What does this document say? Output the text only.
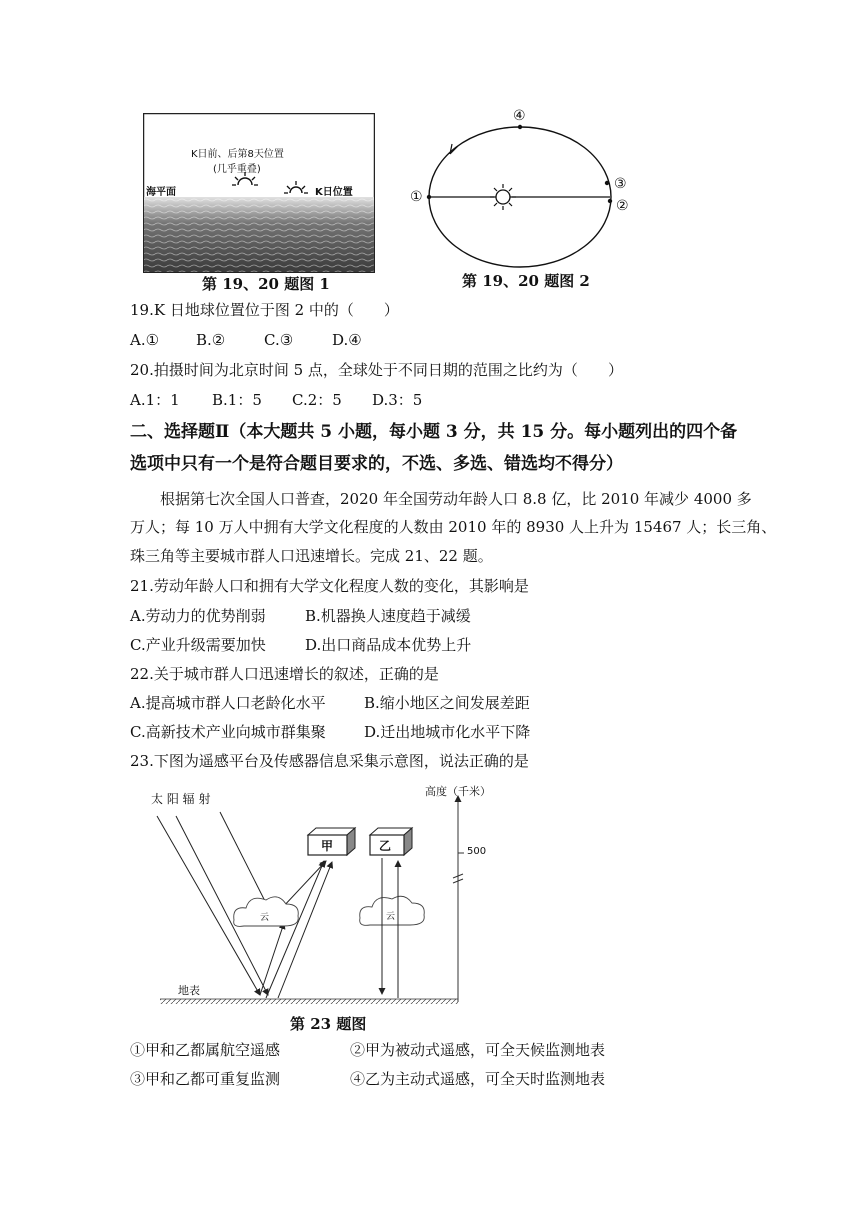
K日前、后第8天位置
(几乎重叠)
海平面	K日位置
第 19、20 题图 1
①
④
③
②
第 19、20 题图 2
19.K 日地球位置位于图 2 中的（　　）
A.① B.②	C.③	D.④
20.拍摄时间为北京时间 5 点，全球处于不同日期的范围之比约为（　　）
A.1：1 B.1：5 C.2：5 D.3：5
二、选择题Ⅱ（本大题共 5 小题，每小题 3 分，共 15 分。每小题列出的四个备
选项中只有一个是符合题目要求的，不选、多选、错选均不得分）
　　根据第七次全国人口普查，2020 年全国劳动年龄人口 8.8 亿，比 2010 年减少 4000 多
万人；每 10 万人中拥有大学文化程度的人数由 2010 年的 8930 人上升为 15467 人；长三角、
珠三角等主要城市群人口迅速增长。完成 21、22 题。
21.劳动年龄人口和拥有大学文化程度人数的变化，其影响是
A.劳动力的优势削弱	B.机器换人速度趋于减缓
C.产业升级需要加快	D.出口商品成本优势上升
22.关于城市群人口迅速增长的叙述，正确的是
A.提高城市群人口老龄化水平	B.缩小地区之间发展差距
C.高新技术产业向城市群集聚	D.迁出地城市化水平下降
23.下图为遥感平台及传感器信息采集示意图，说法正确的是
太 阳 辐 射
高度（千米）
500
甲	乙
云	云
地表
第 23 题图
①甲和乙都属航空遥感	②甲为被动式遥感，可全天候监测地表
③甲和乙都可重复监测	④乙为主动式遥感，可全天时监测地表
